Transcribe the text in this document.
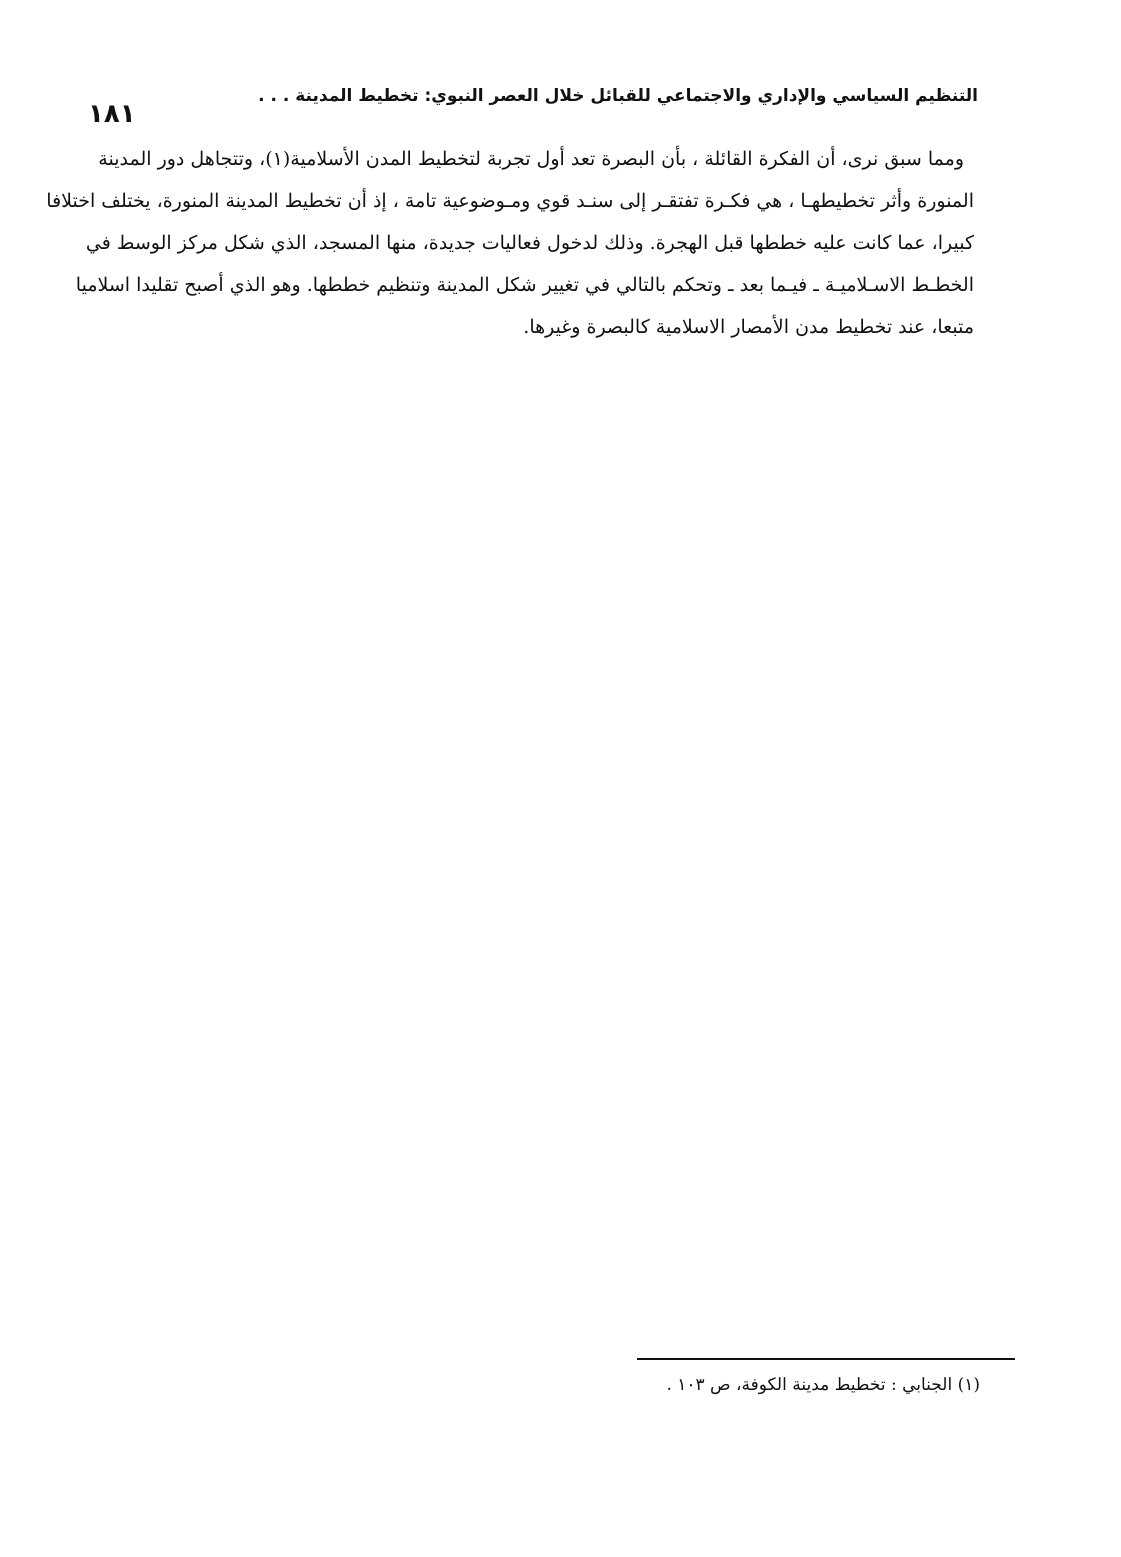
١٨١
التنظيم السياسي والإداري والاجتماعي للقبائل خلال العصر النبوي: تخطيط المدينة . . .
ومما سبق نرى، أن الفكرة القائلة ، بأن البصرة تعد أول تجربة لتخطيط المدن الأسلامية(١)، وتتجاهل دور المدينة
المنورة وأثر تخطيطهـا ، هي فكـرة تفتقـر إلى سنـد قوي ومـوضوعية تامة ، إذ أن تخطيط المدينة المنورة، يختلف اختلافا
كبيرا، عما كانت عليه خططها قبل الهجرة. وذلك لدخول فعاليات جديدة، منها المسجد، الذي شكل مركز الوسط في
الخطـط الاسـلاميـة ـ فيـما بعد ـ وتحكم بالتالي في تغيير شكل المدينة وتنظيم خططها. وهو الذي أصبح تقليدا اسلاميا
متبعا، عند تخطيط مدن الأمصار الاسلامية كالبصرة وغيرها.
(١) الجنابي : تخطيط مدينة الكوفة، ص ١٠٣ .
